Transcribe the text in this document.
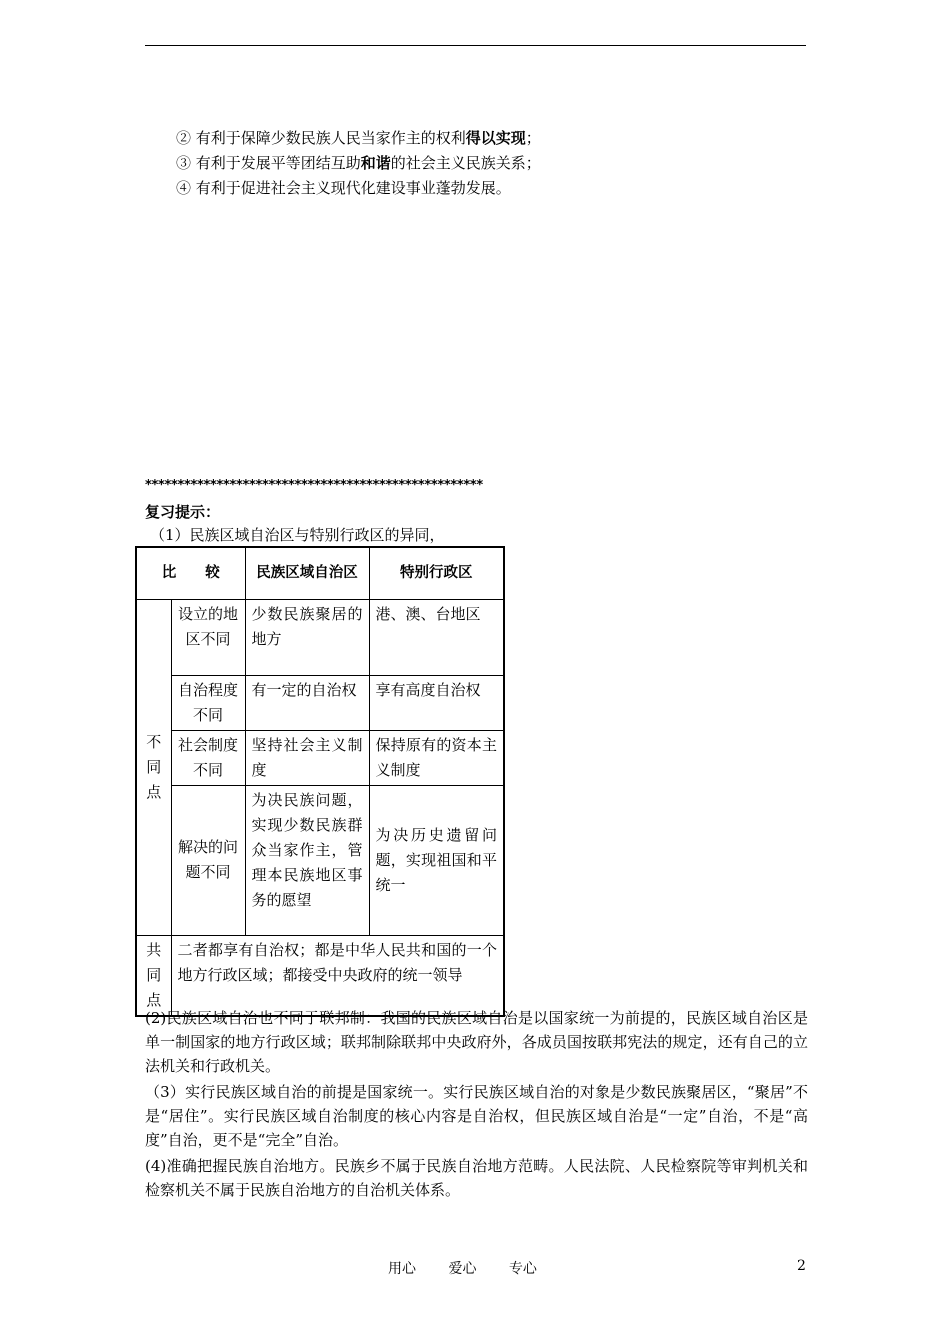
② 有利于保障少数民族人民当家作主的权利得以实现；
③ 有利于发展平等团结互助和谐的社会主义民族关系；
④ 有利于促进社会主义现代化建设事业蓬勃发展。
****************************************************
复习提示：
（1）民族区域自治区与特别行政区的异同，
比　　较		民族区域自治区	特别行政区
不同点	设立的地区不同	少数民族聚居的地方	港、澳、台地区
	自治程度不同	有一定的自治权	享有高度自治权
	社会制度不同	坚持社会主义制度	保持原有的资本主义制度
	解决的问题不同	为决民族问题，实现少数民族群众当家作主，管理本民族地区事务的愿望	为决历史遗留问题，实现祖国和平统一
共同点	二者都享有自治权；都是中华人民共和国的一个地方行政区域；都接受中央政府的统一领导		
(2)民族区域自治也不同于联邦制：我国的民族区域自治是以国家统一为前提的，民族区域自治区是单一制国家的地方行政区域；联邦制除联邦中央政府外，各成员国按联邦宪法的规定，还有自己的立法机关和行政机关。
（3）实行民族区域自治的前提是国家统一。实行民族区域自治的对象是少数民族聚居区，“聚居”不是“居住”。实行民族区域自治制度的核心内容是自治权，但民族区域自治是“一定”自治，不是“高度”自治，更不是“完全”自治。
(4)准确把握民族自治地方。民族乡不属于民族自治地方范畴。人民法院、人民检察院等审判机关和检察机关不属于民族自治地方的自治机关体系。
用心 爱心 专心	2
